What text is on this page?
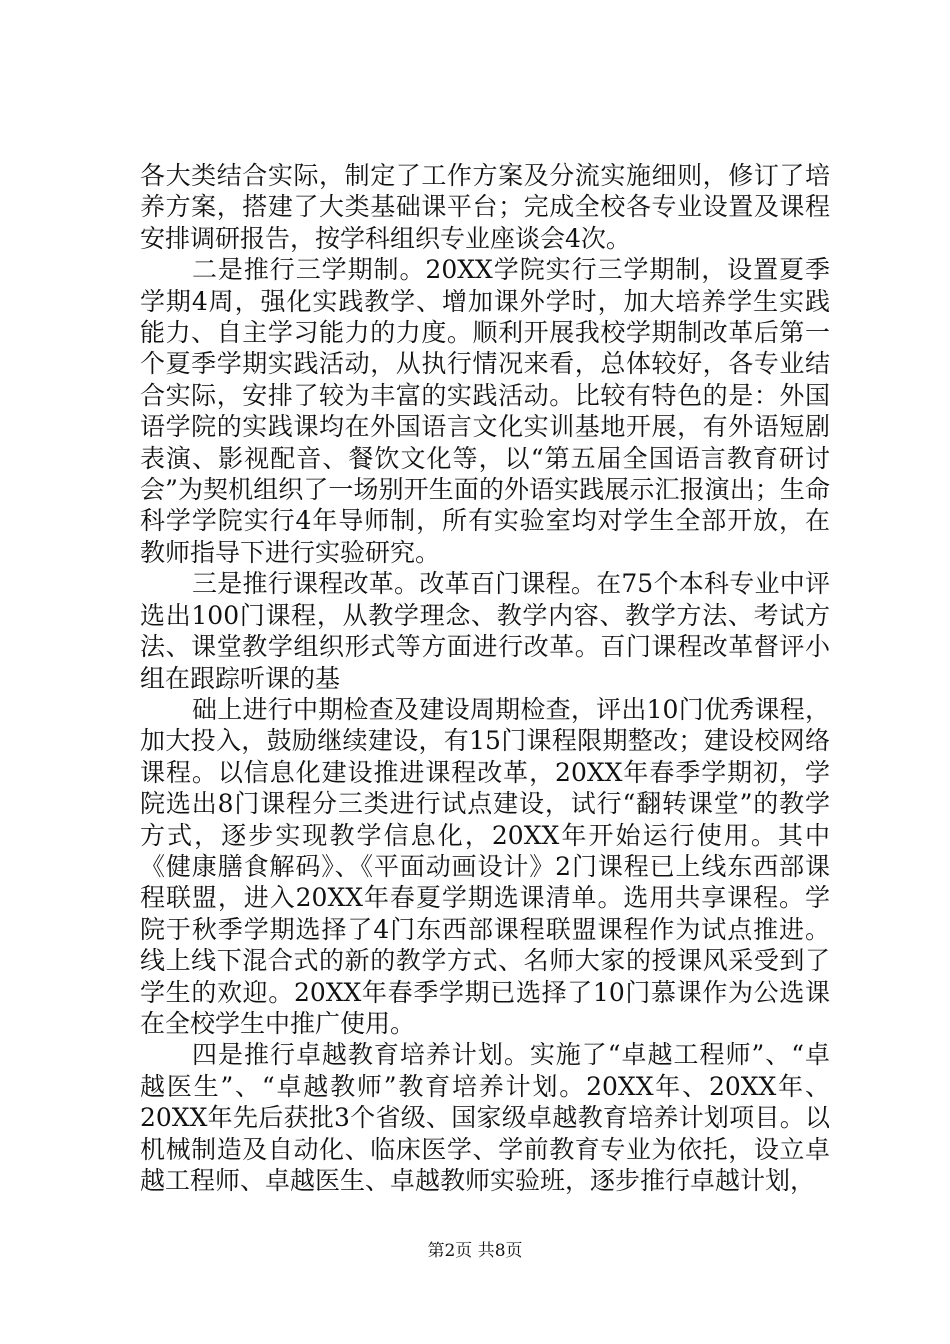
各大类结合实际，制定了工作方案及分流实施细则，修订了培养方案，搭建了大类基础课平台；完成全校各专业设置及课程安排调研报告，按学科组织专业座谈会4次。

二是推行三学期制。20XX学院实行三学期制，设置夏季学期4周，强化实践教学、增加课外学时，加大培养学生实践能力、自主学习能力的力度。顺利开展我校学期制改革后第一个夏季学期实践活动，从执行情况来看，总体较好，各专业结合实际，安排了较为丰富的实践活动。比较有特色的是：外国语学院的实践课均在外国语言文化实训基地开展，有外语短剧表演、影视配音、餐饮文化等，以“第五届全国语言教育研讨会”为契机组织了一场别开生面的外语实践展示汇报演出；生命科学学院实行4年导师制，所有实验室均对学生全部开放，在教师指导下进行实验研究。

三是推行课程改革。改革百门课程。在75个本科专业中评选出100门课程，从教学理念、教学内容、教学方法、考试方法、课堂教学组织形式等方面进行改革。百门课程改革督评小组在跟踪听课的基

础上进行中期检查及建设周期检查，评出10门优秀课程，加大投入，鼓励继续建设，有15门课程限期整改；建设校网络课程。以信息化建设推进课程改革，20XX年春季学期初，学院选出8门课程分三类进行试点建设，试行“翻转课堂”的教学方式，逐步实现教学信息化，20XX年开始运行使用。其中《健康膳食解码》、《平面动画设计》2门课程已上线东西部课程联盟，进入20XX年春夏学期选课清单。选用共享课程。学院于秋季学期选择了4门东西部课程联盟课程作为试点推进。线上线下混合式的新的教学方式、名师大家的授课风采受到了学生的欢迎。20XX年春季学期已选择了10门慕课作为公选课在全校学生中推广使用。

四是推行卓越教育培养计划。实施了“卓越工程师”、“卓越医生”、“卓越教师”教育培养计划。20XX年、20XX年、20XX年先后获批3个省级、国家级卓越教育培养计划项目。以机械制造及自动化、临床医学、学前教育专业为依托，设立卓越工程师、卓越医生、卓越教师实验班，逐步推行卓越计划，

第2页 共8页
